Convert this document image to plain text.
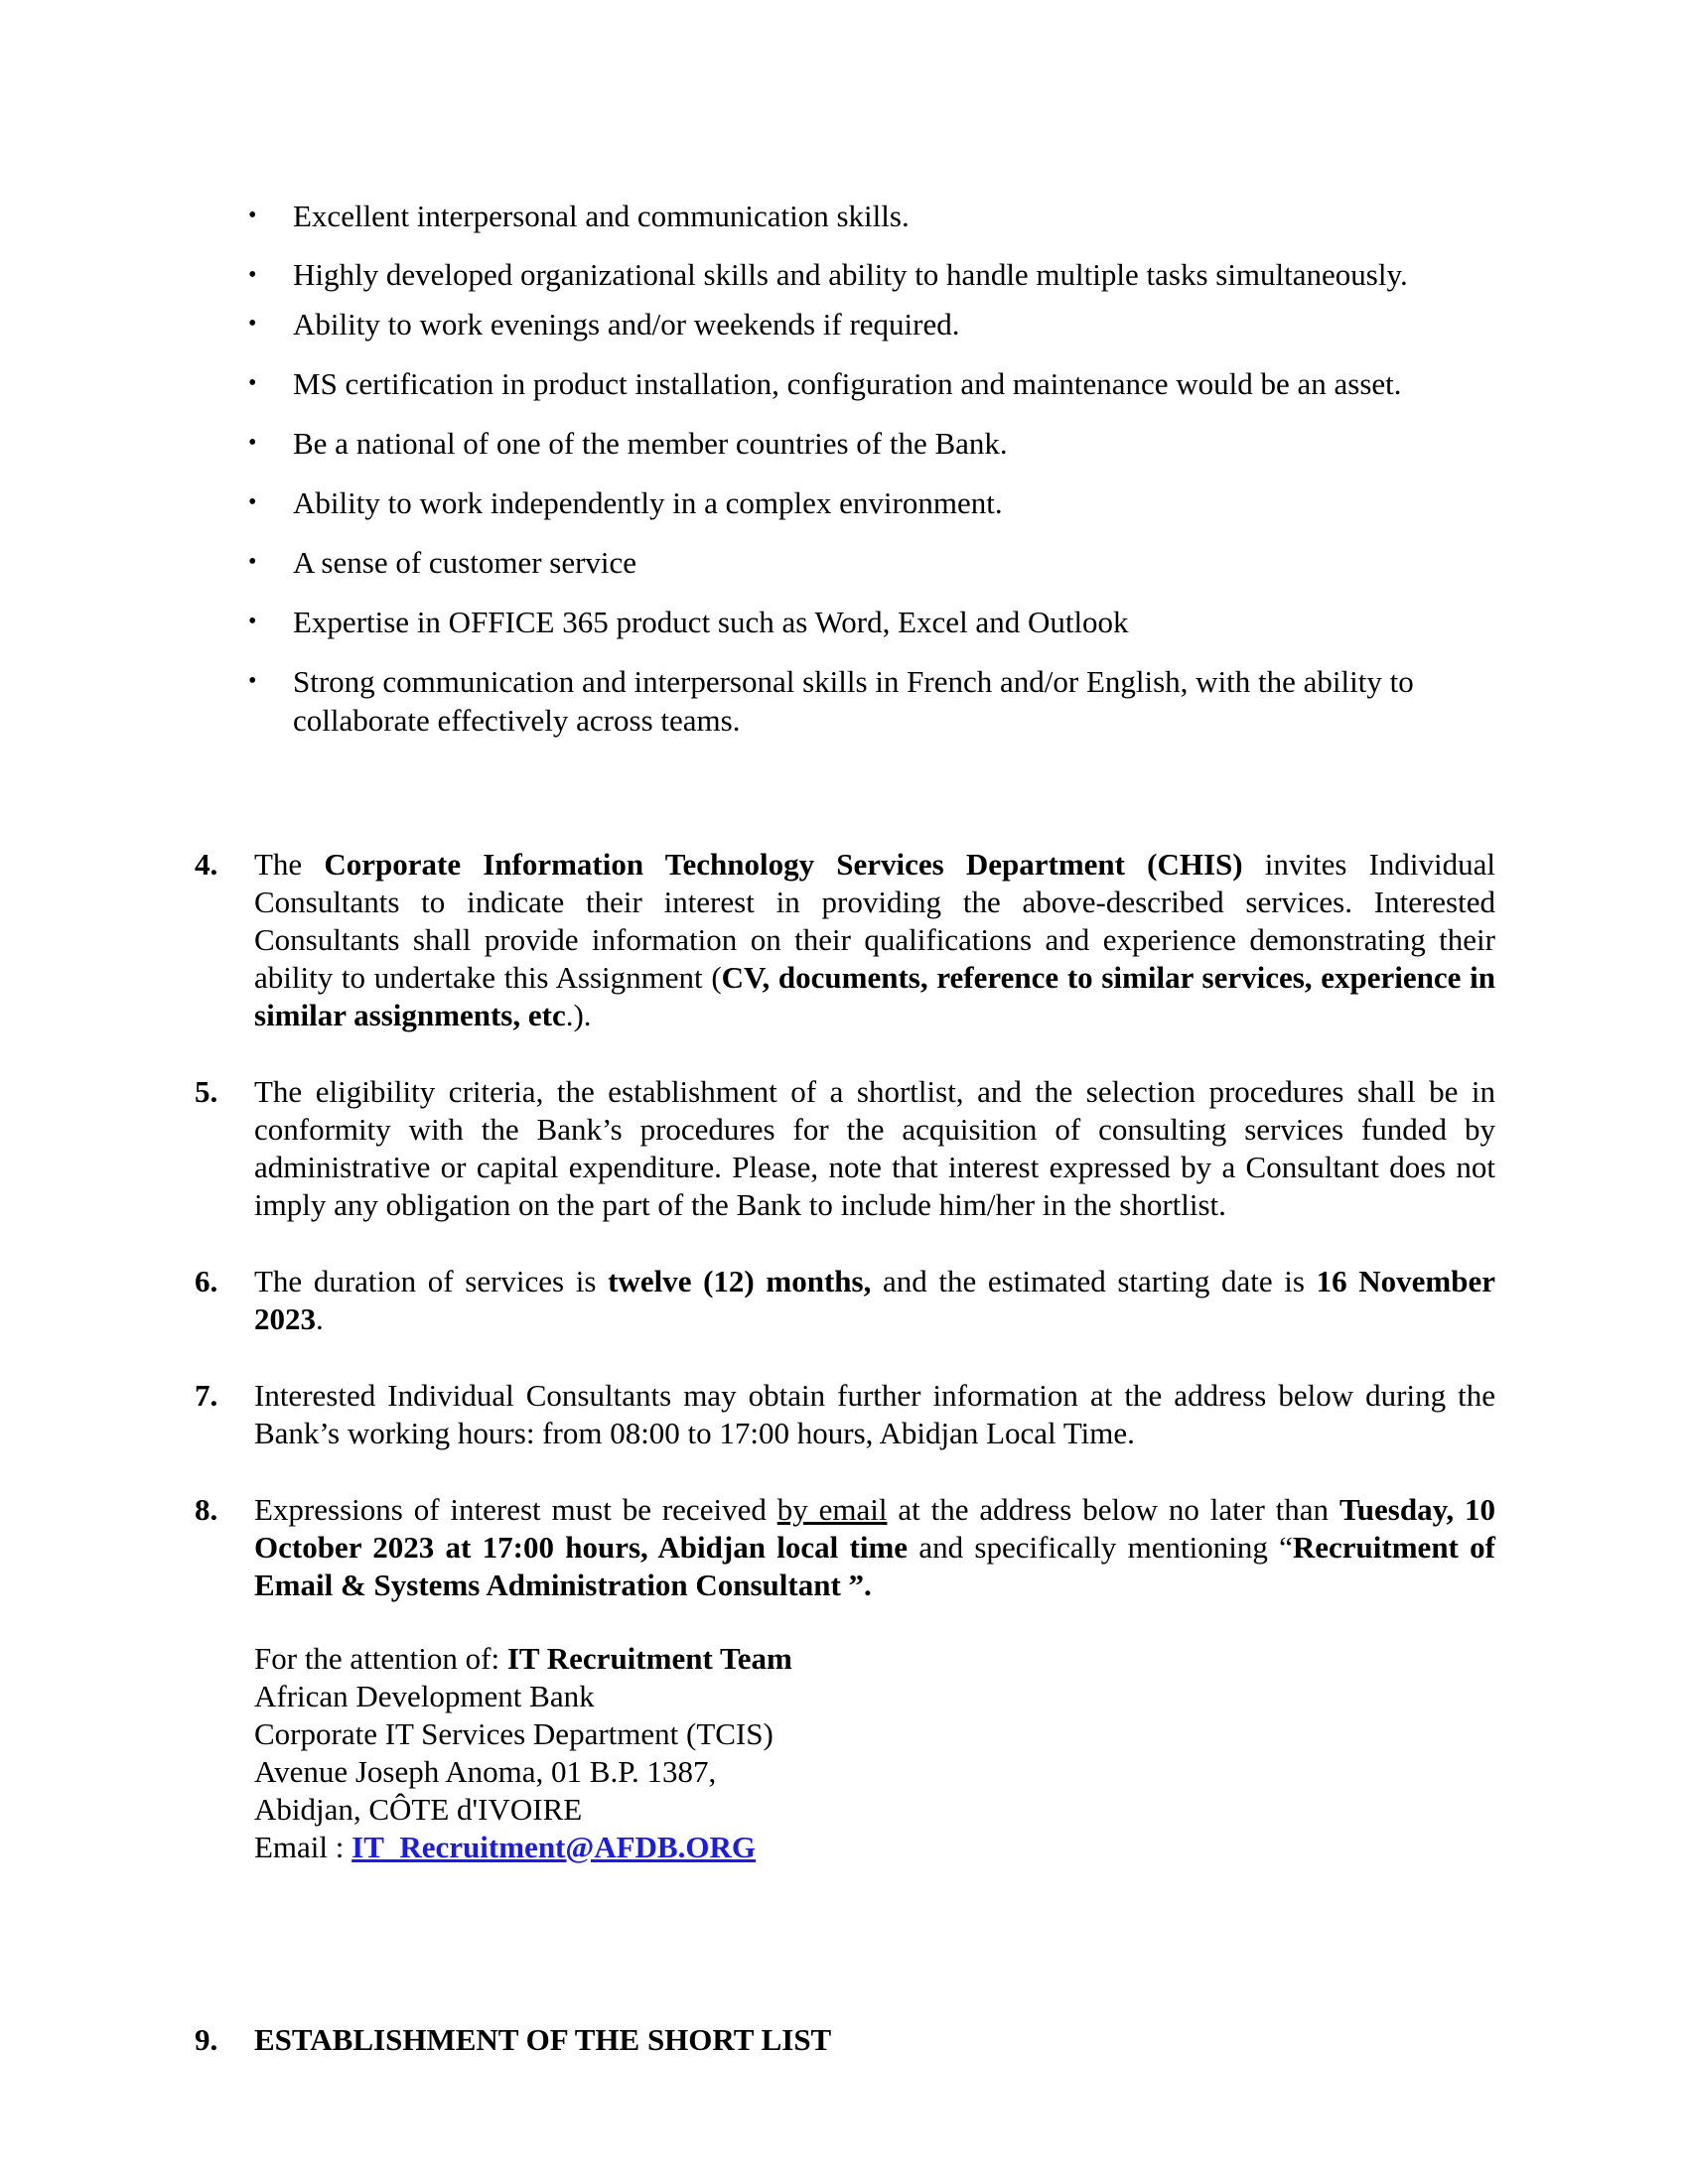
• Excellent interpersonal and communication skills.
• Highly developed organizational skills and ability to handle multiple tasks simultaneously.
• Ability to work evenings and/or weekends if required.
• MS certification in product installation, configuration and maintenance would be an asset.
• Be a national of one of the member countries of the Bank.
• Ability to work independently in a complex environment.
• A sense of customer service
• Expertise in OFFICE 365 product such as Word, Excel and Outlook
• Strong communication and interpersonal skills in French and/or English, with the ability to collaborate effectively across teams.
4. The Corporate Information Technology Services Department (CHIS) invites Individual Consultants to indicate their interest in providing the above-described services. Interested Consultants shall provide information on their qualifications and experience demonstrating their ability to undertake this Assignment (CV, documents, reference to similar services, experience in similar assignments, etc.).
5. The eligibility criteria, the establishment of a shortlist, and the selection procedures shall be in conformity with the Bank’s procedures for the acquisition of consulting services funded by administrative or capital expenditure. Please, note that interest expressed by a Consultant does not imply any obligation on the part of the Bank to include him/her in the shortlist.
6. The duration of services is twelve (12) months, and the estimated starting date is 16 November 2023.
7. Interested Individual Consultants may obtain further information at the address below during the Bank’s working hours: from 08:00 to 17:00 hours, Abidjan Local Time.
8. Expressions of interest must be received by email at the address below no later than Tuesday, 10 October 2023 at 17:00 hours, Abidjan local time and specifically mentioning “Recruitment of Email & Systems Administration Consultant ”.
For the attention of: IT Recruitment Team
African Development Bank
Corporate IT Services Department (TCIS)
Avenue Joseph Anoma, 01 B.P. 1387,
Abidjan, CÔTE d'IVOIRE
Email : IT_Recruitment@AFDB.ORG
9. ESTABLISHMENT OF THE SHORT LIST
